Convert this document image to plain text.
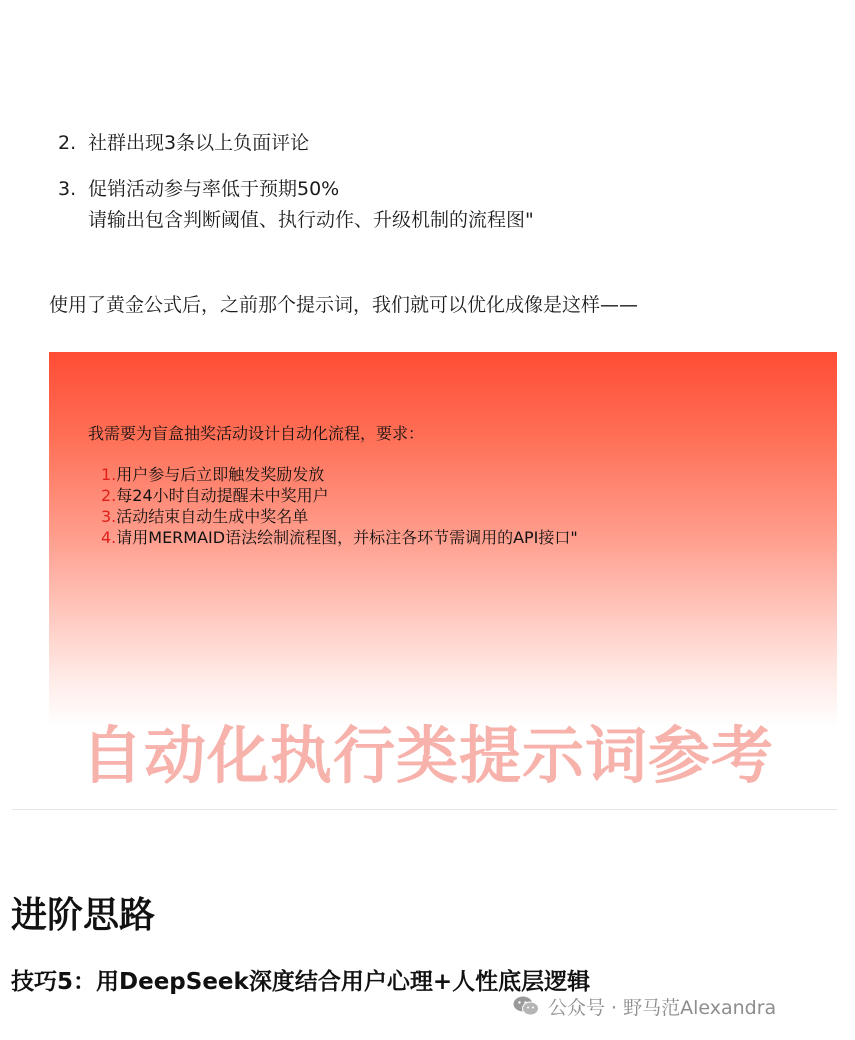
2. 社群出现3条以上负面评论
3. 促销活动参与率低于预期50%
请输出包含判断阈值、执行动作、升级机制的流程图"
使用了黄金公式后，之前那个提示词，我们就可以优化成像是这样——
我需要为盲盒抽奖活动设计自动化流程，要求：
1.用户参与后立即触发奖励发放
2.每24小时自动提醒未中奖用户
3.活动结束自动生成中奖名单
4.请用MERMAID语法绘制流程图，并标注各环节需调用的API接口"
自动化执行类提示词参考
进阶思路
技巧5：用DeepSeek深度结合用户心理+人性底层逻辑
公众号 · 野马范Alexandra
